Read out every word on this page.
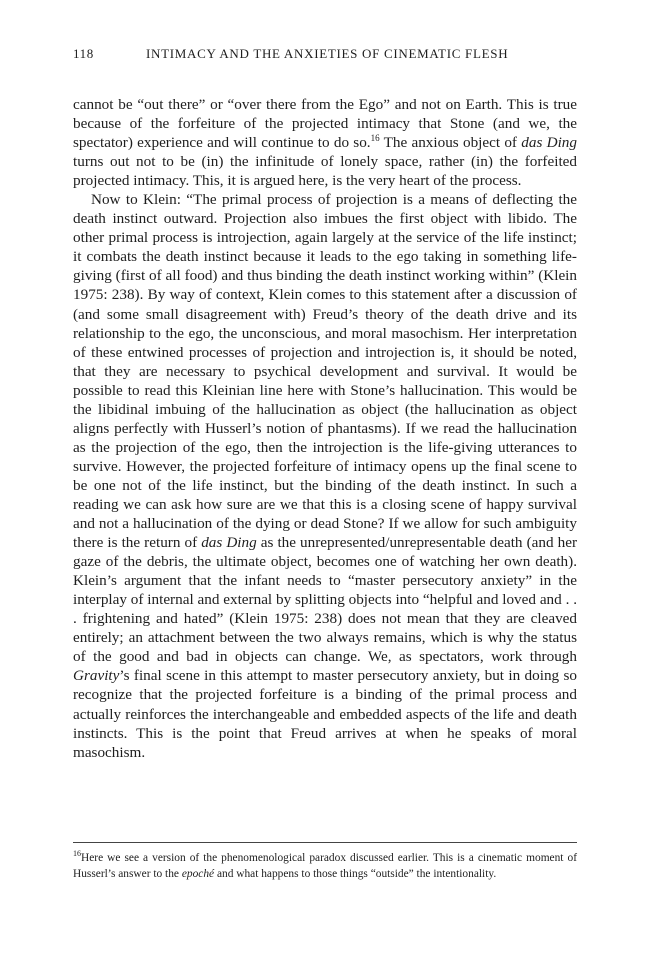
118	INTIMACY AND THE ANXIETIES OF CINEMATIC FLESH

cannot be “out there” or “over there from the Ego” and not on Earth. This is true because of the forfeiture of the projected intimacy that Stone (and we, the spectator) experience and will continue to do so.$^{16}$ The anxious object of das Ding turns out not to be (in) the infinitude of lonely space, rather (in) the forfeited projected intimacy. This, it is argued here, is the very heart of the process.

Now to Klein: “The primal process of projection is a means of deflecting the death instinct outward. Projection also imbues the first object with libido. The other primal process is introjection, again largely at the service of the life instinct; it combats the death instinct because it leads to the ego taking in something life-giving (first of all food) and thus binding the death instinct working within” (Klein 1975: 238). By way of context, Klein comes to this statement after a discussion of (and some small disagreement with) Freud’s theory of the death drive and its relationship to the ego, the unconscious, and moral masochism. Her interpretation of these entwined processes of projection and introjection is, it should be noted, that they are necessary to psychical development and survival. It would be possible to read this Kleinian line here with Stone’s hallucination. This would be the libidinal imbuing of the hallucination as object (the hallucination as object aligns perfectly with Husserl’s notion of phantasms). If we read the hallucination as the projection of the ego, then the introjection is the life-giving utterances to survive. However, the projected forfeiture of intimacy opens up the final scene to be one not of the life instinct, but the binding of the death instinct. In such a reading we can ask how sure are we that this is a closing scene of happy survival and not a hallucination of the dying or dead Stone? If we allow for such ambiguity there is the return of das Ding as the unrepresented/unrepresentable death (and her gaze of the debris, the ultimate object, becomes one of watching her own death). Klein’s argument that the infant needs to “master persecutory anxiety” in the interplay of internal and external by splitting objects into “helpful and loved and . . . frightening and hated” (Klein 1975: 238) does not mean that they are cleaved entirely; an attachment between the two always remains, which is why the status of the good and bad in objects can change. We, as spectators, work through Gravity’s final scene in this attempt to master persecutory anxiety, but in doing so recognize that the projected forfeiture is a binding of the primal process and actually reinforces the interchangeable and embedded aspects of the life and death instincts. This is the point that Freud arrives at when he speaks of moral masochism.

$^{16}$Here we see a version of the phenomenological paradox discussed earlier. This is a cinematic moment of Husserl’s answer to the epoché and what happens to those things “outside” the intentionality.
